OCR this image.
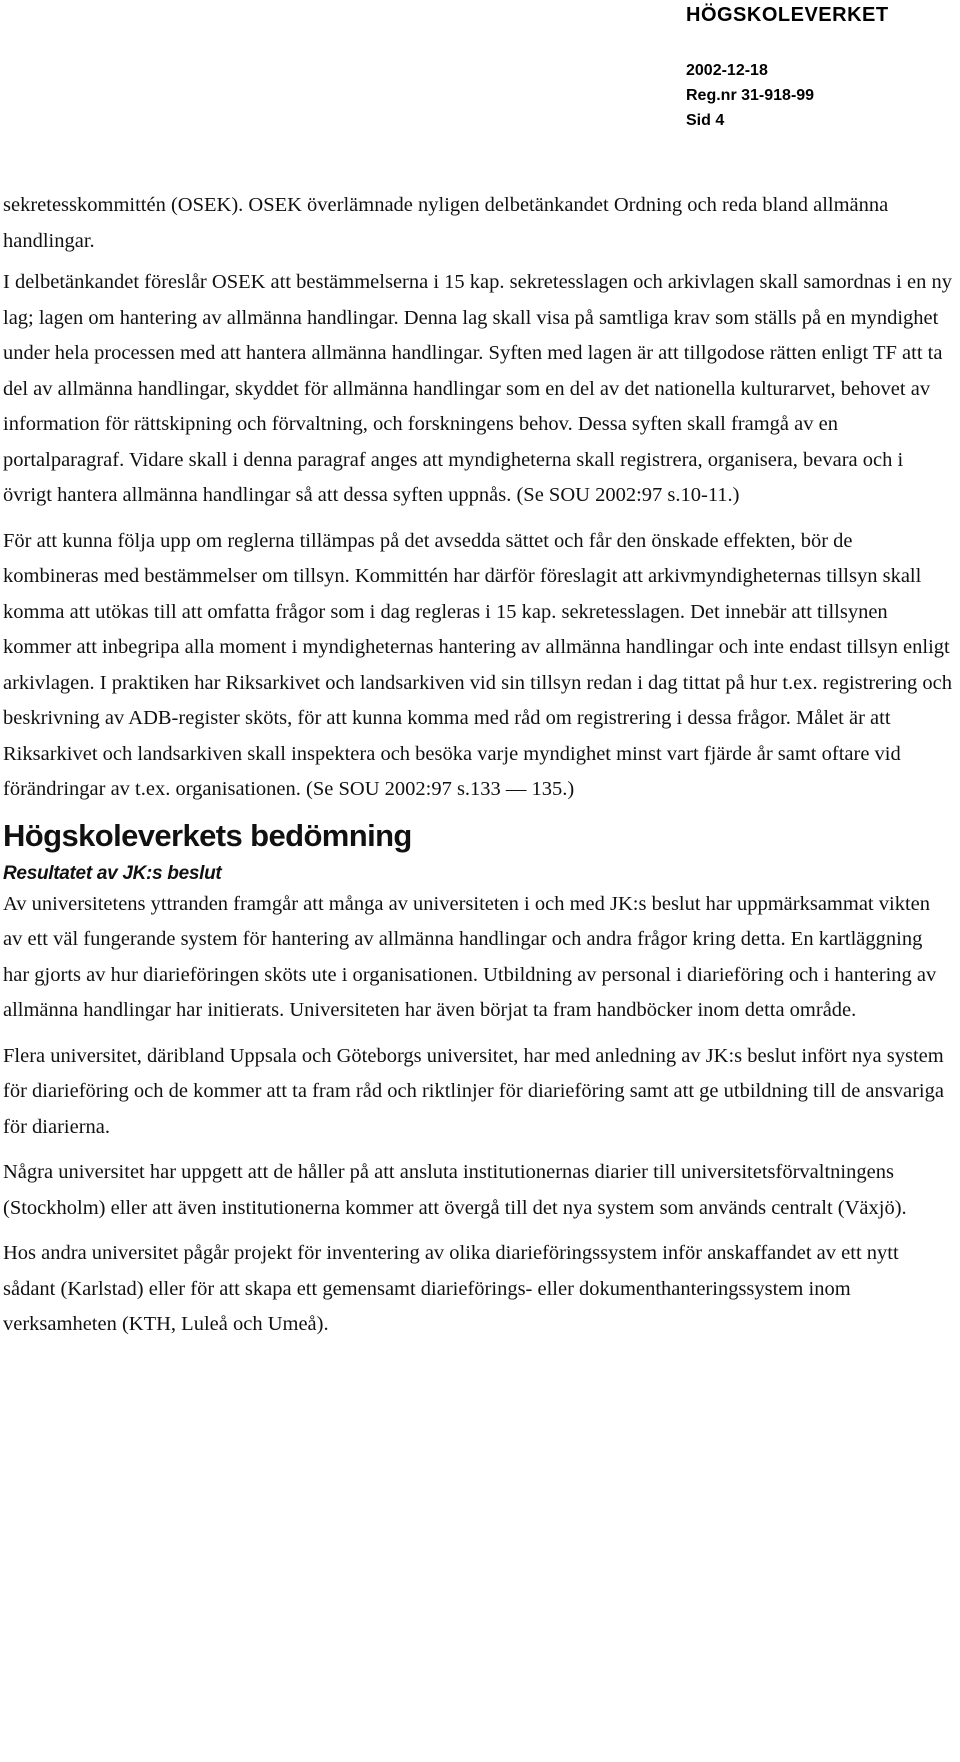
HÖGSKOLEVERKET
2002-12-18
Reg.nr 31-918-99
Sid 4

sekretesskommittén (OSEK). OSEK överlämnade nyligen delbetänkandet Ordning och reda bland allmänna handlingar.

I delbetänkandet föreslår OSEK att bestämmelserna i 15 kap. sekretesslagen och arkivlagen skall samordnas i en ny lag; lagen om hantering av allmänna handlingar. Denna lag skall visa på samtliga krav som ställs på en myndighet under hela processen med att hantera allmänna handlingar. Syften med lagen är att tillgodose rätten enligt TF att ta del av allmänna handlingar, skyddet för allmänna handlingar som en del av det nationella kulturarvet, behovet av information för rättskipning och förvaltning, och forskningens behov. Dessa syften skall framgå av en portalparagraf. Vidare skall i denna paragraf anges att myndigheterna skall registrera, organisera, bevara och i övrigt hantera allmänna handlingar så att dessa syften uppnås. (Se SOU 2002:97 s.10-11.)

För att kunna följa upp om reglerna tillämpas på det avsedda sättet och får den önskade effekten, bör de kombineras med bestämmelser om tillsyn. Kommittén har därför föreslagit att arkivmyndigheternas tillsyn skall komma att utökas till att omfatta frågor som i dag regleras i 15 kap. sekretesslagen. Det innebär att tillsynen kommer att inbegripa alla moment i myndigheternas hantering av allmänna handlingar och inte endast tillsyn enligt arkivlagen. I praktiken har Riksarkivet och landsarkiven vid sin tillsyn redan i dag tittat på hur t.ex. registrering och beskrivning av ADB-register sköts, för att kunna komma med råd om registrering i dessa frågor. Målet är att Riksarkivet och landsarkiven skall inspektera och besöka varje myndighet minst vart fjärde år samt oftare vid förändringar av t.ex. organisationen. (Se SOU 2002:97 s.133 — 135.)

Högskoleverkets bedömning
Resultatet av JK:s beslut

Av universitetens yttranden framgår att många av universiteten i och med JK:s beslut har uppmärksammat vikten av ett väl fungerande system för hantering av allmänna handlingar och andra frågor kring detta. En kartläggning har gjorts av hur diarieföringen sköts ute i organisationen. Utbildning av personal i diarieföring och i hantering av allmänna handlingar har initierats. Universiteten har även börjat ta fram handböcker inom detta område.

Flera universitet, däribland Uppsala och Göteborgs universitet, har med anledning av JK:s beslut infört nya system för diarieföring och de kommer att ta fram råd och riktlinjer för diarieföring samt att ge utbildning till de ansvariga för diarierna.

Några universitet har uppgett att de håller på att ansluta institutionernas diarier till universitetsförvaltningens (Stockholm) eller att även institutionerna kommer att övergå till det nya system som används centralt (Växjö).

Hos andra universitet pågår projekt för inventering av olika diarieföringssystem inför anskaffandet av ett nytt sådant (Karlstad) eller för att skapa ett gemensamt diarieförings- eller dokumenthanteringssystem inom verksamheten (KTH, Luleå och Umeå).
